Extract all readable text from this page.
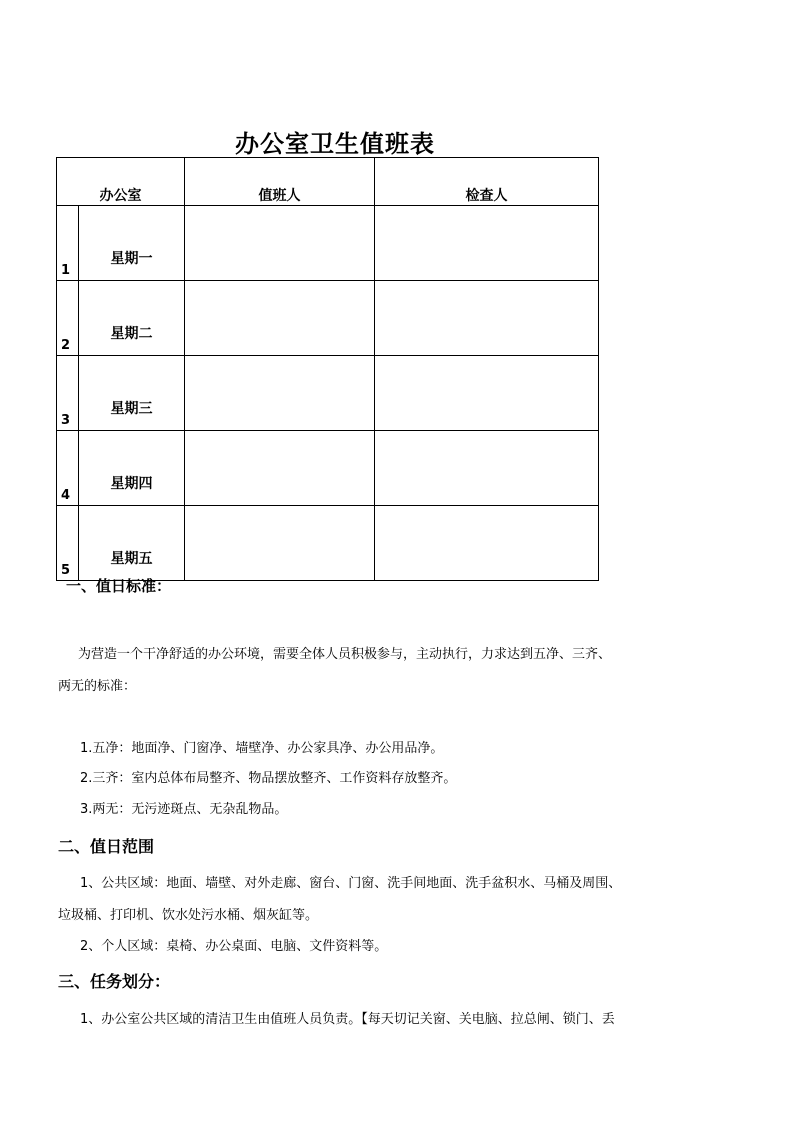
办公室卫生值班表
办公室		值班人	检查人
1	星期一		
2	星期二		
3	星期三		
4	星期四		
5	星期五		
一、值日标准：
为营造一个干净舒适的办公环境，需要全体人员积极参与，主动执行，力求达到五净、三齐、
两无的标准：
1.五净：地面净、门窗净、墙壁净、办公家具净、办公用品净。
2.三齐：室内总体布局整齐、物品摆放整齐、工作资料存放整齐。
3.两无：无污迹斑点、无杂乱物品。
二、值日范围
1、公共区域：地面、墙壁、对外走廊、窗台、门窗、洗手间地面、洗手盆积水、马桶及周围、
垃圾桶、打印机、饮水处污水桶、烟灰缸等。
2、个人区域：桌椅、办公桌面、电脑、文件资料等。
三、任务划分：
1、办公室公共区域的清洁卫生由值班人员负责。【每天切记关窗、关电脑、拉总闸、锁门、丢
